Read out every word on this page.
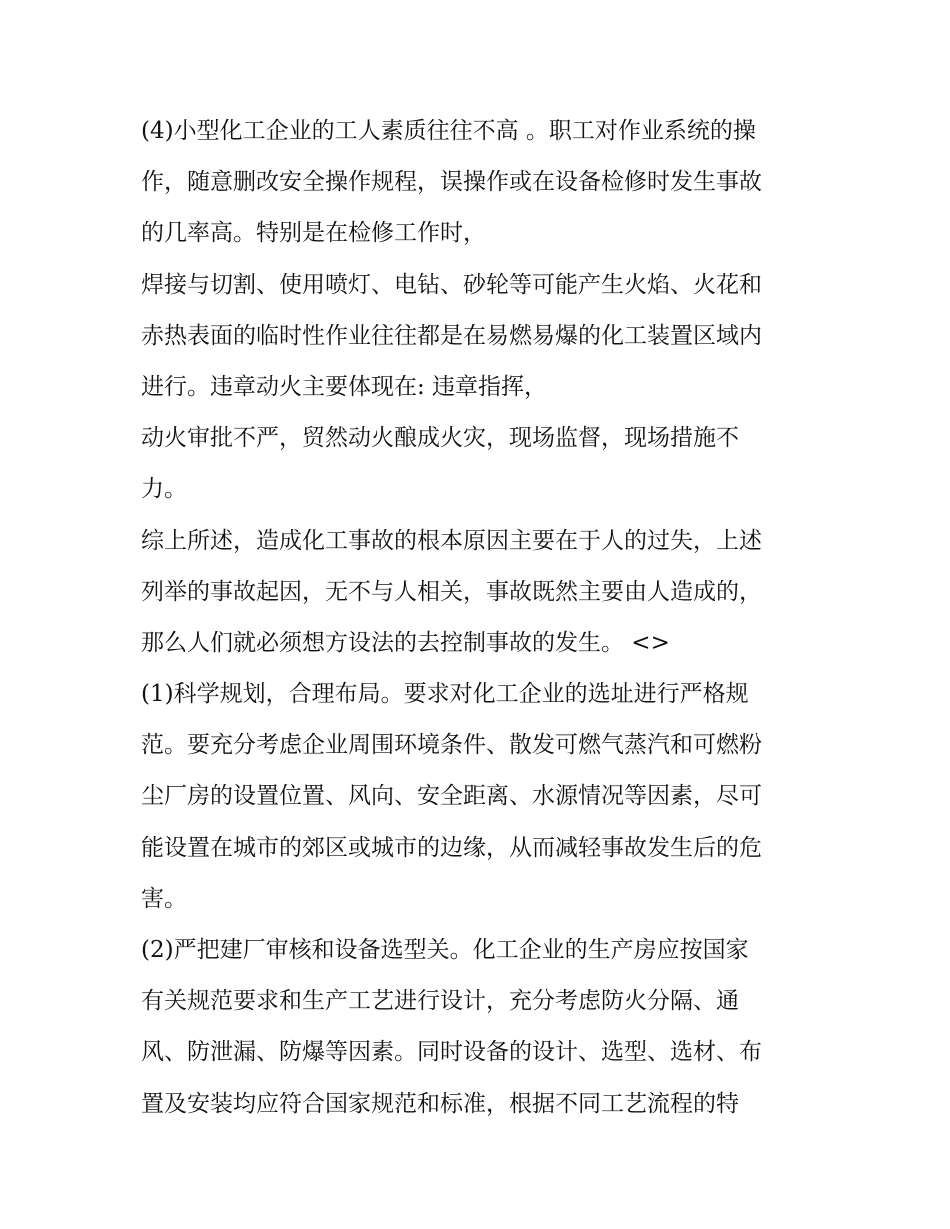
(4)小型化工企业的工人素质往往不高 。职工对作业系统的操
作，随意删改安全操作规程，误操作或在设备检修时发生事故
的几率高。特别是在检修工作时，
焊接与切割、使用喷灯、电钻、砂轮等可能产生火焰、火花和
赤热表面的临时性作业往往都是在易燃易爆的化工装置区域内
进行。违章动火主要体现在: 违章指挥，
动火审批不严，贸然动火酿成火灾，现场监督，现场措施不
力。
综上所述，造成化工事故的根本原因主要在于人的过失，上述
列举的事故起因，无不与人相关，事故既然主要由人造成的，
那么人们就必须想方设法的去控制事故的发生。 <>
(1)科学规划，合理布局。要求对化工企业的选址进行严格规
范。要充分考虑企业周围环境条件、散发可燃气蒸汽和可燃粉
尘厂房的设置位置、风向、安全距离、水源情况等因素，尽可
能设置在城市的郊区或城市的边缘，从而减轻事故发生后的危
害。
(2)严把建厂审核和设备选型关。化工企业的生产房应按国家
有关规范要求和生产工艺进行设计，充分考虑防火分隔、通
风、防泄漏、防爆等因素。同时设备的设计、选型、选材、布
置及安装均应符合国家规范和标准，根据不同工艺流程的特
